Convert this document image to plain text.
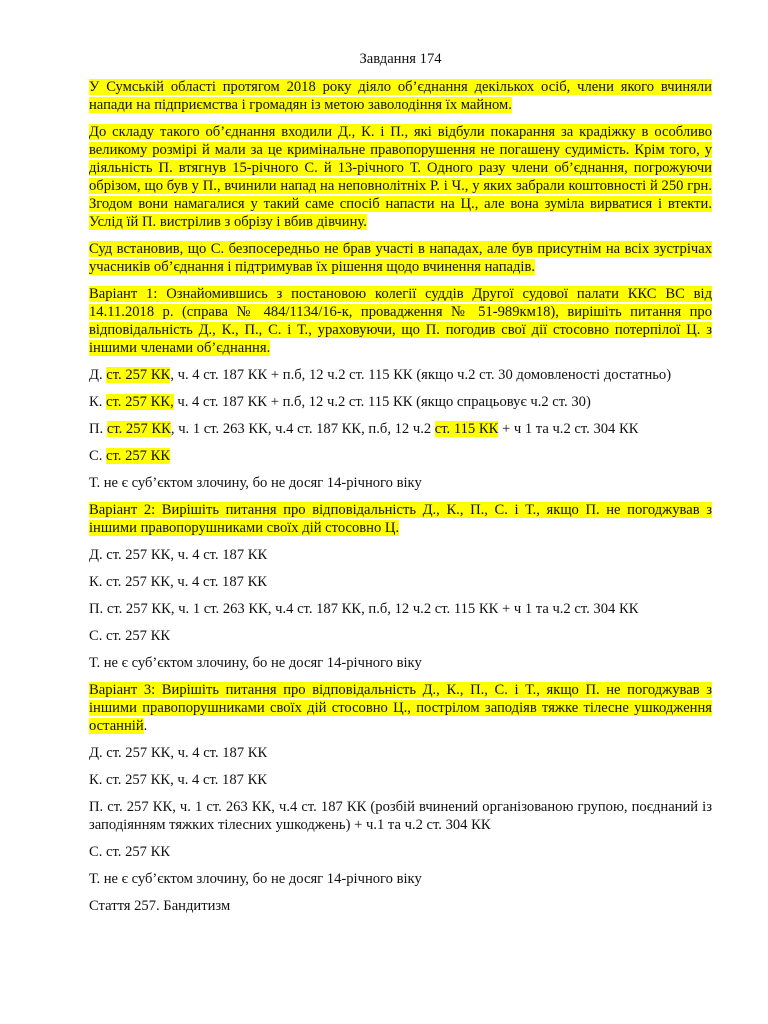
Завдання 174
У Сумській області протягом 2018 року діяло об’єднання декількох осіб, члени якого вчиняли напади на підприємства і громадян із метою заволодіння їх майном.
До складу такого об’єднання входили Д., К. і П., які відбули покарання за крадіжку в особливо великому розмірі й мали за це кримінальне правопорушення не погашену судимість. Крім того, у діяльність П. втягнув 15-річного С. й 13-річного Т. Одного разу члени об’єднання, погрожуючи обрізом, що був у П., вчинили напад на неповнолітніх Р. і Ч., у яких забрали коштовності й 250 грн. Згодом вони намагалися у такий саме спосіб напасти на Ц., але вона зуміла вирватися і втекти. Услід їй П. вистрілив з обрізу і вбив дівчину.
Суд встановив, що С. безпосередньо не брав участі в нападах, але був присутнім на всіх зустрічах учасників об’єднання і підтримував їх рішення щодо вчинення нападів.
Варіант 1: Ознайомившись з постановою колегії суддів Другої судової палати ККС ВС від 14.11.2018 р. (справа № 484/1134/16-к, провадження № 51-989км18), вирішіть питання про відповідальність Д., К., П., С. і Т., ураховуючи, що П. погодив свої дії стосовно потерпілої Ц. з іншими членами об’єднання.
Д. ст. 257 КК, ч. 4 ст. 187 КК + п.б, 12 ч.2 ст. 115 КК (якщо ч.2 ст. 30 домовленості достатньо)
К. ст. 257 КК, ч. 4 ст. 187 КК + п.б, 12 ч.2 ст. 115 КК (якщо спрацьовує ч.2 ст. 30)
П. ст. 257 КК, ч. 1 ст. 263 КК, ч.4 ст. 187 КК, п.б, 12 ч.2 ст. 115 КК + ч 1 та ч.2 ст. 304 КК
С. ст. 257 КК
Т. не є суб’єктом злочину, бо не досяг 14-річного віку
Варіант 2: Вирішіть питання про відповідальність Д., К., П., С. і Т., якщо П. не погоджував з іншими правопорушниками своїх дій стосовно Ц.
Д. ст. 257 КК, ч. 4 ст. 187 КК
К. ст. 257 КК, ч. 4 ст. 187 КК
П. ст. 257 КК, ч. 1 ст. 263 КК, ч.4 ст. 187 КК, п.б, 12 ч.2 ст. 115 КК + ч 1 та ч.2 ст. 304 КК
С. ст. 257 КК
Т. не є суб’єктом злочину, бо не досяг 14-річного віку
Варіант 3: Вирішіть питання про відповідальність Д., К., П., С. і Т., якщо П. не погоджував з іншими правопорушниками своїх дій стосовно Ц., пострілом заподіяв тяжке тілесне ушкодження останній.
Д. ст. 257 КК, ч. 4 ст. 187 КК
К. ст. 257 КК, ч. 4 ст. 187 КК
П. ст. 257 КК, ч. 1 ст. 263 КК, ч.4 ст. 187 КК (розбій вчинений організованою групою, поєднаний із заподіянням тяжких тілесних ушкоджень) + ч.1 та ч.2 ст. 304 КК
С. ст. 257 КК
Т. не є суб’єктом злочину, бо не досяг 14-річного віку
Стаття 257. Бандитизм
